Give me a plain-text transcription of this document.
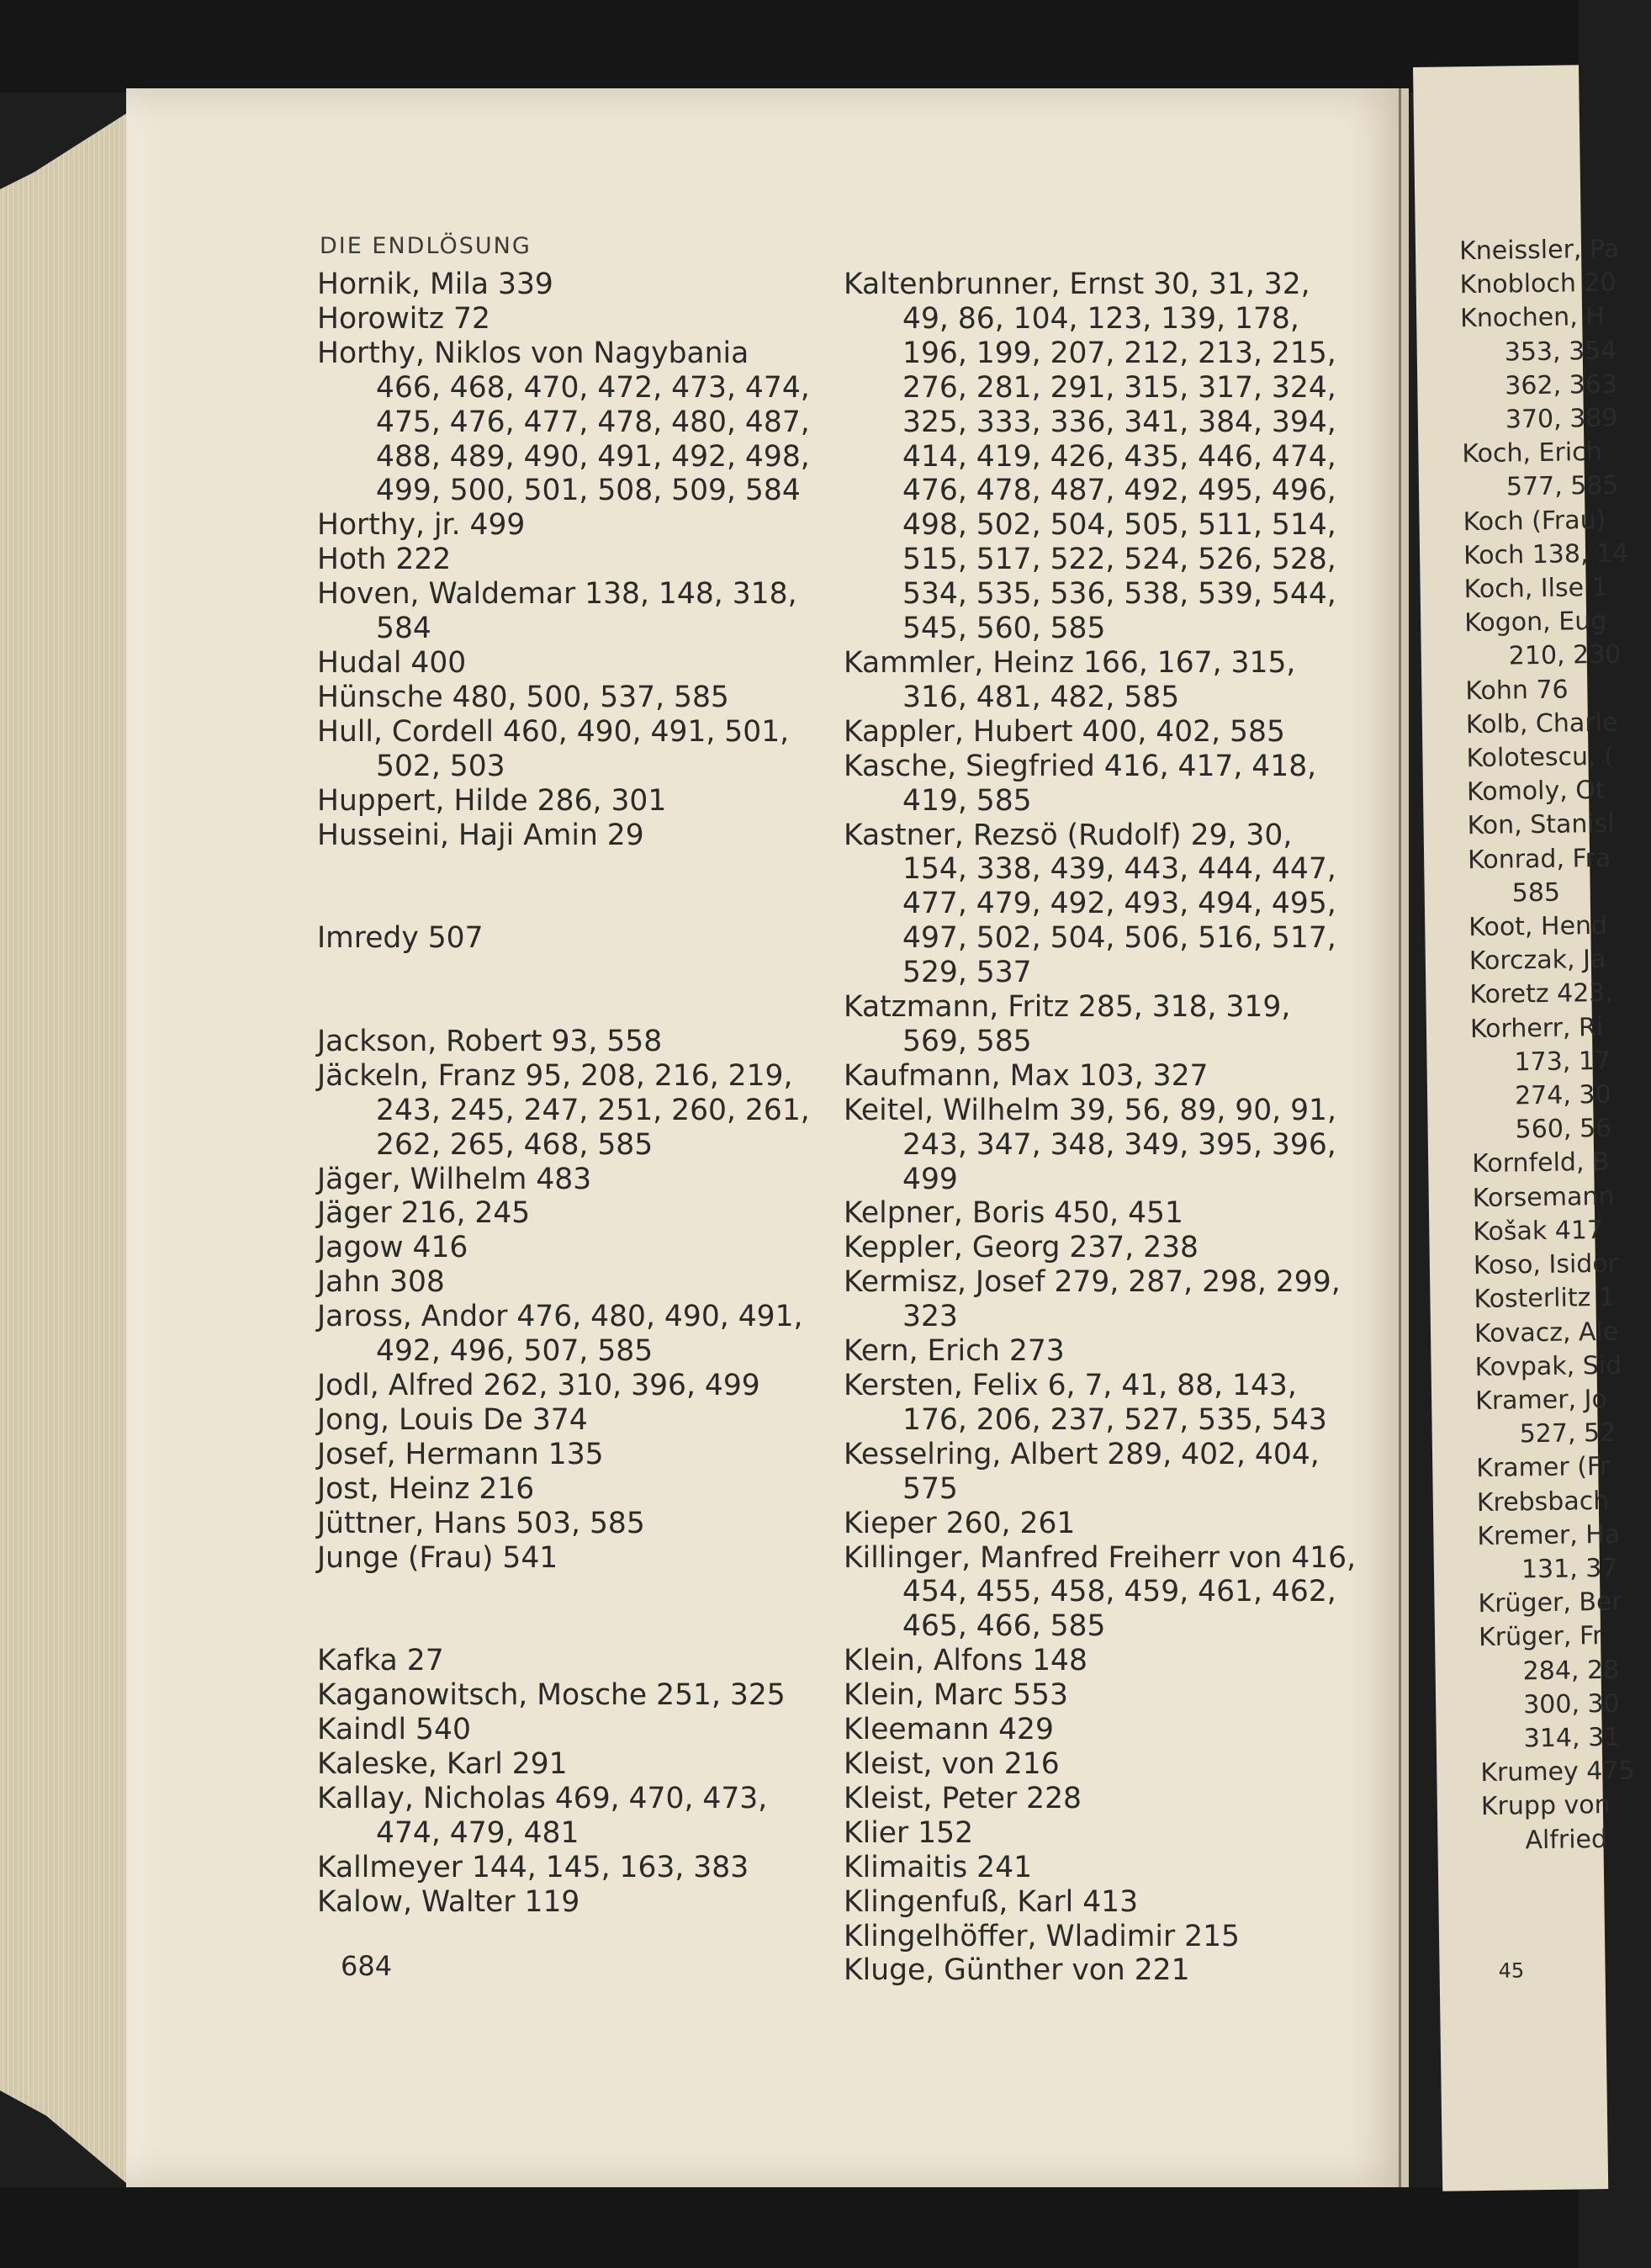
Kneissler, Pa
Knobloch 20
Knochen, H
353, 354
362, 363
370, 389
Koch, Erich
577, 585
Koch (Frau)
Koch 138, 14
Koch, Ilse 1
Kogon, Eug
210, 230
Kohn 76
Kolb, Charle
Kolotescu, (
Komoly, Ot
Kon, Stanisl
Konrad, Fra
585
Koot, Hend
Korczak, Ja
Koretz 423,
Korherr, Ri
173, 17
274, 30
560, 56
Kornfeld, B
Korsemann
Košak 417
Koso, Isidor
Kosterlitz 1
Kovacz, Ale
Kovpak, Sid
Kramer, Jo
527, 52
Kramer (Fr
Krebsbach
Kremer, Ha
131, 37
Krüger, Ber
Krüger, Fr
284, 28
300, 30
314, 31
Krumey 475
Krupp von
Alfried

45

DIE ENDLÖSUNG

Hornik, Mila 339

Horowitz 72

Horthy, Niklos von Nagybania 466, 468, 470, 472, 473, 474, 475, 476, 477, 478, 480, 487, 488, 489, 490, 491, 492, 498, 499, 500, 501, 508, 509, 584

Horthy, jr. 499

Hoth 222

Hoven, Waldemar 138, 148, 318, 584

Hudal 400

Hünsche 480, 500, 537, 585

Hull, Cordell 460, 490, 491, 501, 502, 503

Huppert, Hilde 286, 301

Husseini, Haji Amin 29

Imredy 507

Jackson, Robert 93, 558

Jäckeln, Franz 95, 208, 216, 219, 243, 245, 247, 251, 260, 261, 262, 265, 468, 585

Jäger, Wilhelm 483

Jäger 216, 245

Jagow 416

Jahn 308

Jaross, Andor 476, 480, 490, 491, 492, 496, 507, 585

Jodl, Alfred 262, 310, 396, 499

Jong, Louis De 374

Josef, Hermann 135

Jost, Heinz 216

Jüttner, Hans 503, 585

Junge (Frau) 541

Kafka 27

Kaganowitsch, Mosche 251, 325

Kaindl 540

Kaleske, Karl 291

Kallay, Nicholas 469, 470, 473, 474, 479, 481

Kallmeyer 144, 145, 163, 383

Kalow, Walter 119

Kaltenbrunner, Ernst 30, 31, 32, 49, 86, 104, 123, 139, 178, 196, 199, 207, 212, 213, 215, 276, 281, 291, 315, 317, 324, 325, 333, 336, 341, 384, 394, 414, 419, 426, 435, 446, 474, 476, 478, 487, 492, 495, 496, 498, 502, 504, 505, 511, 514, 515, 517, 522, 524, 526, 528, 534, 535, 536, 538, 539, 544, 545, 560, 585

Kammler, Heinz 166, 167, 315, 316, 481, 482, 585

Kappler, Hubert 400, 402, 585

Kasche, Siegfried 416, 417, 418, 419, 585

Kastner, Rezsö (Rudolf) 29, 30, 154, 338, 439, 443, 444, 447, 477, 479, 492, 493, 494, 495, 497, 502, 504, 506, 516, 517, 529, 537

Katzmann, Fritz 285, 318, 319, 569, 585

Kaufmann, Max 103, 327

Keitel, Wilhelm 39, 56, 89, 90, 91, 243, 347, 348, 349, 395, 396, 499

Kelpner, Boris 450, 451

Keppler, Georg 237, 238

Kermisz, Josef 279, 287, 298, 299, 323

Kern, Erich 273

Kersten, Felix 6, 7, 41, 88, 143, 176, 206, 237, 527, 535, 543

Kesselring, Albert 289, 402, 404, 575

Kieper 260, 261

Killinger, Manfred Freiherr von 416, 454, 455, 458, 459, 461, 462, 465, 466, 585

Klein, Alfons 148

Klein, Marc 553

Kleemann 429

Kleist, von 216

Kleist, Peter 228

Klier 152

Klimaitis 241

Klingenfuß, Karl 413

Klingelhöffer, Wladimir 215

Kluge, Günther von 221

684
